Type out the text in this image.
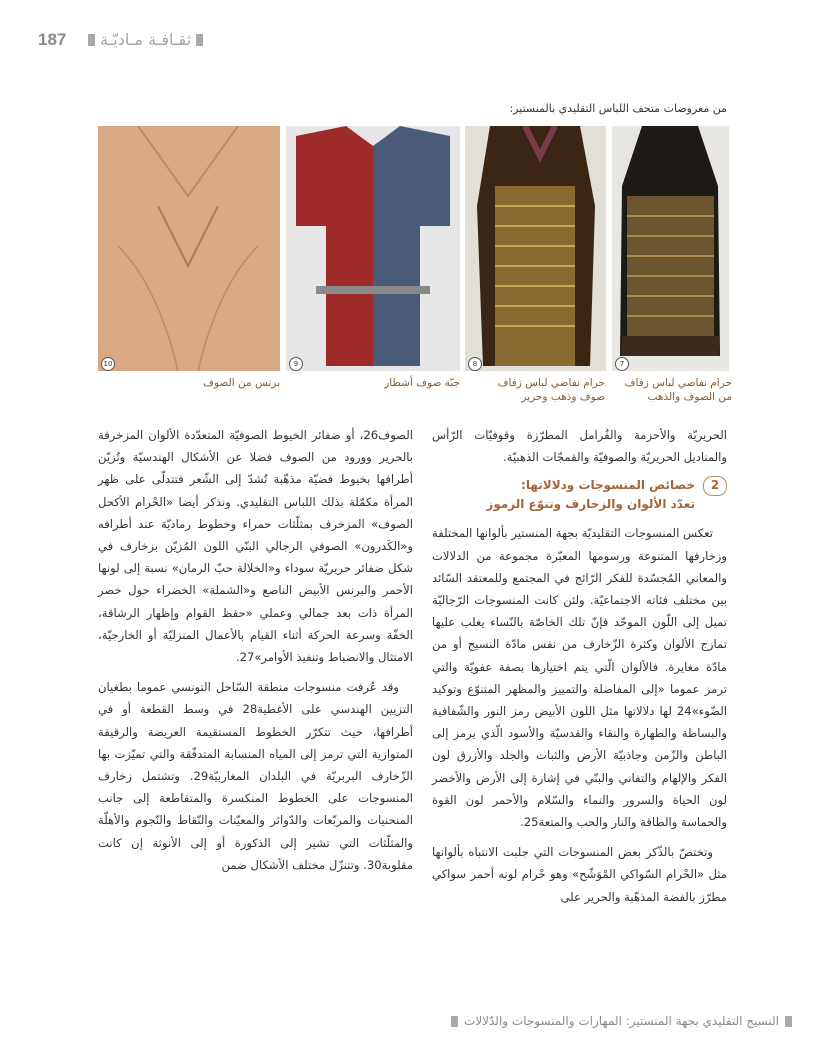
187 ثقـافـة مـاديّـة
من معروضات متحف اللباس التقليدي بالمنستير:
7
8
9
10
حرام نفاصي لباس زفاف
من الصوف والذهب
حرام نفاصي لباس زفاف
صوف وذهب وحرير
جبّة صوف أشطار
برنس من الصوف

الحريريّة والأحزمة والفُرامل المطرّزة وقوفيّات الرّأس والمناديل الحريريّة والصوفيّة والقمجّات الذهبيّة.

2
خصائص المنسوجات ودلالاتها:
تعدّد الألوان والزخارف وتنوّع الرموز

تعكس المنسوجات التقليديّة بجهة المنستير بألوانها المختلفة وزخارفها المتنوعة ورسومها المعبّرة مجموعة من الدلالات والمعاني المُجسّدة للفكر الرّائج في المجتمع وللمعتقد السّائد بين مختلف فئاته الاجتماعيّة. ولئن كانت المنسوجات الرّجاليّة تميل إلى اللّون الموحّد فإنّ تلك الخاصّة بالنّساء يغلب عليها تمازج الألوان وكثرة الزّخارف من نفس مادّة النسيج أو من مادّة مغايرة. فالألوان الّتي يتم اختيارها بصفة عفويّة والتي ترمز عموما «إلى المفاضلة والتمييز والمظهر المتنوّع وتوكيد الضّوء»24 لها دلالاتها مثل اللون الأبيض رمز النور والشّفافية والبساطة والطهارة والنقاء والقدسيّة والأسود الّذي يرمز إلى الباطن والزّمن وجاذبيّة الأرض والثبات والجلد والأزرق لون الفكر والإلهام والتفاني والبنّي في إشارة إلى الأرض والأخضر لون الحياة والسرور والنماء والسّلام والأحمر لون القوة والحماسة والطاقة والنار والحب والمتعة25.

وتختصّ بالذّكر بعض المنسوجات التي جلبت الانتباه بألوانها مثل «الحْرام السّواكي المْوَشّح» وهو حْرام لونه أحمر سواكي مطرّز بالفضة المذهّبة والحرير على

الصوف26، أو ضفائر الخيوط الصوفيّة المتعدّدة الألوان المزخرفة بالحرير وورود من الصوف فضلا عن الأشكال الهندسيّة وتُزيّن أطرافها بخيوط فضيّة مذهّبة تُشدّ إلى الشّعر فتتدلّى على ظهر المرأة مكمّلة بذلك اللباس التقليدي. ونذكر أيضا «الحْرام الأكحل الصوف» المزخرف بمثلّثات حمراء وخطوط رماديّة عند أطرافه و«الكَدرون» الصوفي الرجالي البنّي اللون المُزيّن بزخارف في شكل ضفائر حريريّة سوداء و«الخلالة حبّ الرمان» نسبة إلى لونها الأحمر والبرنس الأبيض الناصع و«الشملة» الخضراء حول خصر المرأة ذات بعد جمالي وعملي «حفظ القوام وإظهار الرشاقة، الخفّة وسرعة الحركة أثناء القيام بالأعمال المنزليّة أو الخارجيّة، الامتثال والانضباط وتنفيذ الأوامر»27.

وقد عُرفت منسوجات منطقة السّاحل التونسي عموما بطغيان التزيين الهندسي على الأغطية28 في وسط القطعة أو في أطرافها، حيث تتكرّر الخطوط المستقيمة العريضة والرقيقة المتوازية التي ترمز إلى المياه المنسابة المتدفّقة والتي تميّزت بها الزّخارف البربريّة في البلدان المغاربيّة29. وتشتمل زخارف المنسوجات على الخطوط المنكسرة والمتقاطعة إلى جانب المنحنيات والمربّعات والدّوائر والمعيّنات والنّقاط والنّجوم والأهلّة والمثلّثات التي تشير إلى الذكورة أو إلى الأنوثة إن كانت مقلوبة30. وتتنزّل مختلف الأشكال ضمن

النسيج التقليدي بجهة المنستير: المهارات والمنسوجات والدّلالات
